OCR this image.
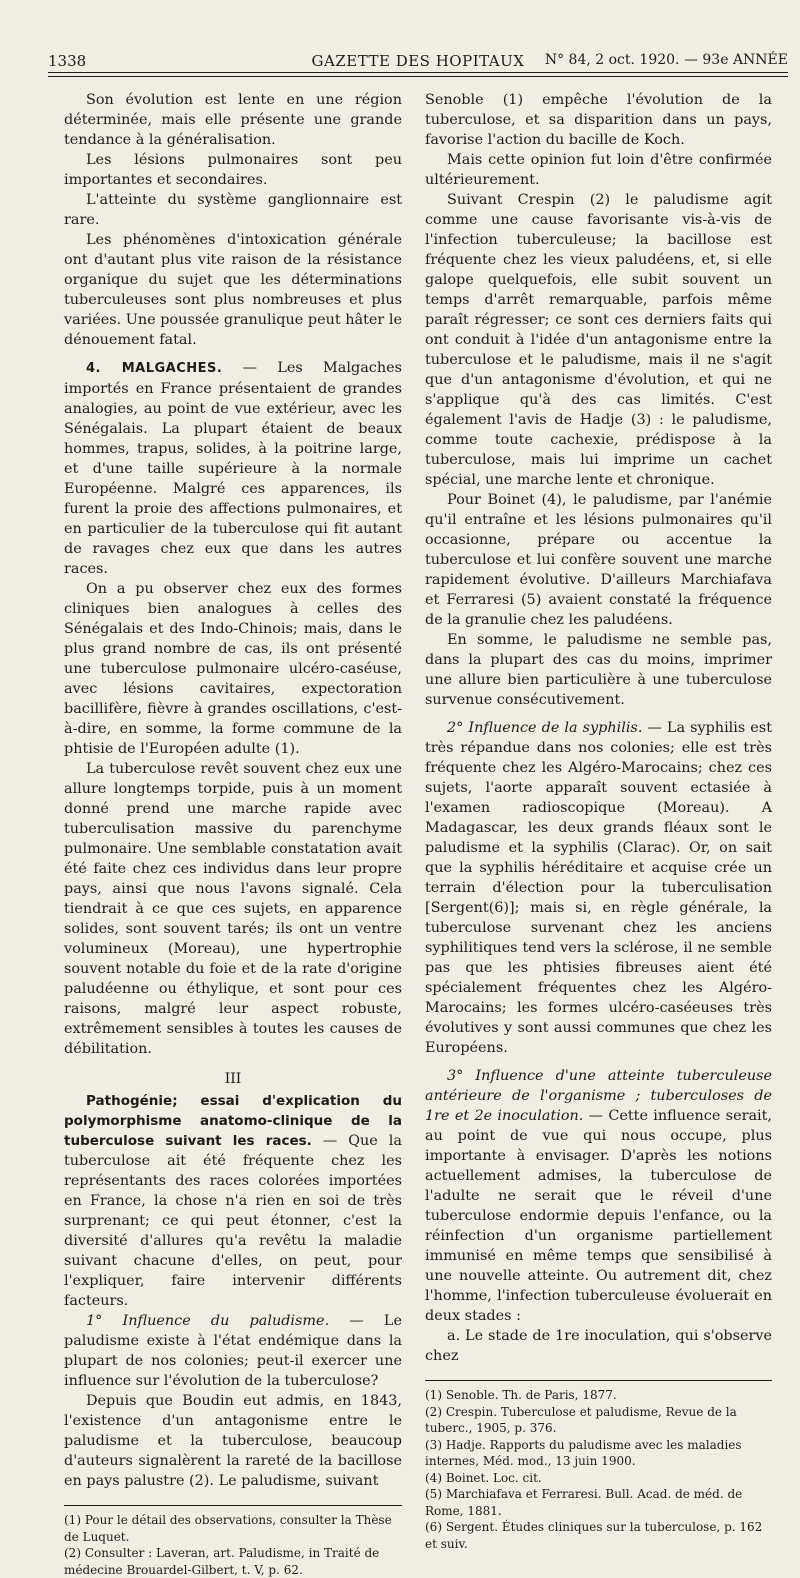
1338	GAZETTE DES HOPITAUX	N° 84, 2 oct. 1920. — 93e ANNÉE

Son évolution est lente en une région déterminée, mais elle présente une grande tendance à la généralisation.

Les lésions pulmonaires sont peu importantes et secondaires.

L'atteinte du système ganglionnaire est rare.

Les phénomènes d'intoxication générale ont d'autant plus vite raison de la résistance organique du sujet que les déterminations tuberculeuses sont plus nombreuses et plus variées. Une poussée granulique peut hâter le dénouement fatal.

4. MALGACHES. — Les Malgaches importés en France présentaient de grandes analogies, au point de vue extérieur, avec les Sénégalais. La plupart étaient de beaux hommes, trapus, solides, à la poitrine large, et d'une taille supérieure à la normale Européenne. Malgré ces apparences, ils furent la proie des affections pulmonaires, et en particulier de la tuberculose qui fit autant de ravages chez eux que dans les autres races.

On a pu observer chez eux des formes cliniques bien analogues à celles des Sénégalais et des Indo-Chinois; mais, dans le plus grand nombre de cas, ils ont présenté une tuberculose pulmonaire ulcéro-caséuse, avec lésions cavitaires, expectoration bacillifère, fièvre à grandes oscillations, c'est-à-dire, en somme, la forme commune de la phtisie de l'Européen adulte (1).

La tuberculose revêt souvent chez eux une allure longtemps torpide, puis à un moment donné prend une marche rapide avec tuberculisation massive du parenchyme pulmonaire. Une semblable constatation avait été faite chez ces individus dans leur propre pays, ainsi que nous l'avons signalé. Cela tiendrait à ce que ces sujets, en apparence solides, sont souvent tarés; ils ont un ventre volumineux (Moreau), une hypertrophie souvent notable du foie et de la rate d'origine paludéenne ou éthylique, et sont pour ces raisons, malgré leur aspect robuste, extrêmement sensibles à toutes les causes de débilitation.

III

Pathogénie; essai d'explication du polymorphisme anatomo-clinique de la tuberculose suivant les races. — Que la tuberculose ait été fréquente chez les représentants des races colorées importées en France, la chose n'a rien en soi de très surprenant; ce qui peut étonner, c'est la diversité d'allures qu'a revêtu la maladie suivant chacune d'elles, on peut, pour l'expliquer, faire intervenir différents facteurs.

1° Influence du paludisme. — Le paludisme existe à l'état endémique dans la plupart de nos colonies; peut-il exercer une influence sur l'évolution de la tuberculose?

Depuis que Boudin eut admis, en 1843, l'existence d'un antagonisme entre le paludisme et la tuberculose, beaucoup d'auteurs signalèrent la rareté de la bacillose en pays palustre (2). Le paludisme, suivant

(1) Pour le détail des observations, consulter la Thèse de Luquet.

(2) Consulter : Laveran, art. Paludisme, in Traité de médecine Brouardel-Gilbert, t. V, p. 62.

Senoble (1) empêche l'évolution de la tuberculose, et sa disparition dans un pays, favorise l'action du bacille de Koch.

Mais cette opinion fut loin d'être confirmée ultérieurement.

Suivant Crespin (2) le paludisme agit comme une cause favorisante vis-à-vis de l'infection tuberculeuse; la bacillose est fréquente chez les vieux paludéens, et, si elle galope quelquefois, elle subit souvent un temps d'arrêt remarquable, parfois même paraît régresser; ce sont ces derniers faits qui ont conduit à l'idée d'un antagonisme entre la tuberculose et le paludisme, mais il ne s'agit que d'un antagonisme d'évolution, et qui ne s'applique qu'à des cas limités. C'est également l'avis de Hadje (3) : le paludisme, comme toute cachexie, prédispose à la tuberculose, mais lui imprime un cachet spécial, une marche lente et chronique.

Pour Boinet (4), le paludisme, par l'anémie qu'il entraîne et les lésions pulmonaires qu'il occasionne, prépare ou accentue la tuberculose et lui confère souvent une marche rapidement évolutive. D'ailleurs Marchiafava et Ferraresi (5) avaient constaté la fréquence de la granulie chez les paludéens.

En somme, le paludisme ne semble pas, dans la plupart des cas du moins, imprimer une allure bien particulière à une tuberculose survenue consécutivement.

2° Influence de la syphilis. — La syphilis est très répandue dans nos colonies; elle est très fréquente chez les Algéro-Marocains; chez ces sujets, l'aorte apparaît souvent ectasiée à l'examen radioscopique (Moreau). A Madagascar, les deux grands fléaux sont le paludisme et la syphilis (Clarac). Or, on sait que la syphilis héréditaire et acquise crée un terrain d'élection pour la tuberculisation [Sergent(6)]; mais si, en règle générale, la tuberculose survenant chez les anciens syphilitiques tend vers la sclérose, il ne semble pas que les phtisies fibreuses aient été spécialement fréquentes chez les Algéro-Marocains; les formes ulcéro-caséeuses très évolutives y sont aussi communes que chez les Européens.

3° Influence d'une atteinte tuberculeuse antérieure de l'organisme ; tuberculoses de 1re et 2e inoculation. — Cette influence serait, au point de vue qui nous occupe, plus importante à envisager. D'après les notions actuellement admises, la tuberculose de l'adulte ne serait que le réveil d'une tuberculose endormie depuis l'enfance, ou la réinfection d'un organisme partiellement immunisé en même temps que sensibilisé à une nouvelle atteinte. Ou autrement dit, chez l'homme, l'infection tuberculeuse évoluerait en deux stades :

a. Le stade de 1re inoculation, qui s'observe chez

(1) Senoble. Th. de Paris, 1877.

(2) Crespin. Tuberculose et paludisme, Revue de la tuberc., 1905, p. 376.

(3) Hadje. Rapports du paludisme avec les maladies internes, Méd. mod., 13 juin 1900.

(4) Boinet. Loc. cit.

(5) Marchiafava et Ferraresi. Bull. Acad. de méd. de Rome, 1881.

(6) Sergent. Études cliniques sur la tuberculose, p. 162 et suiv.
